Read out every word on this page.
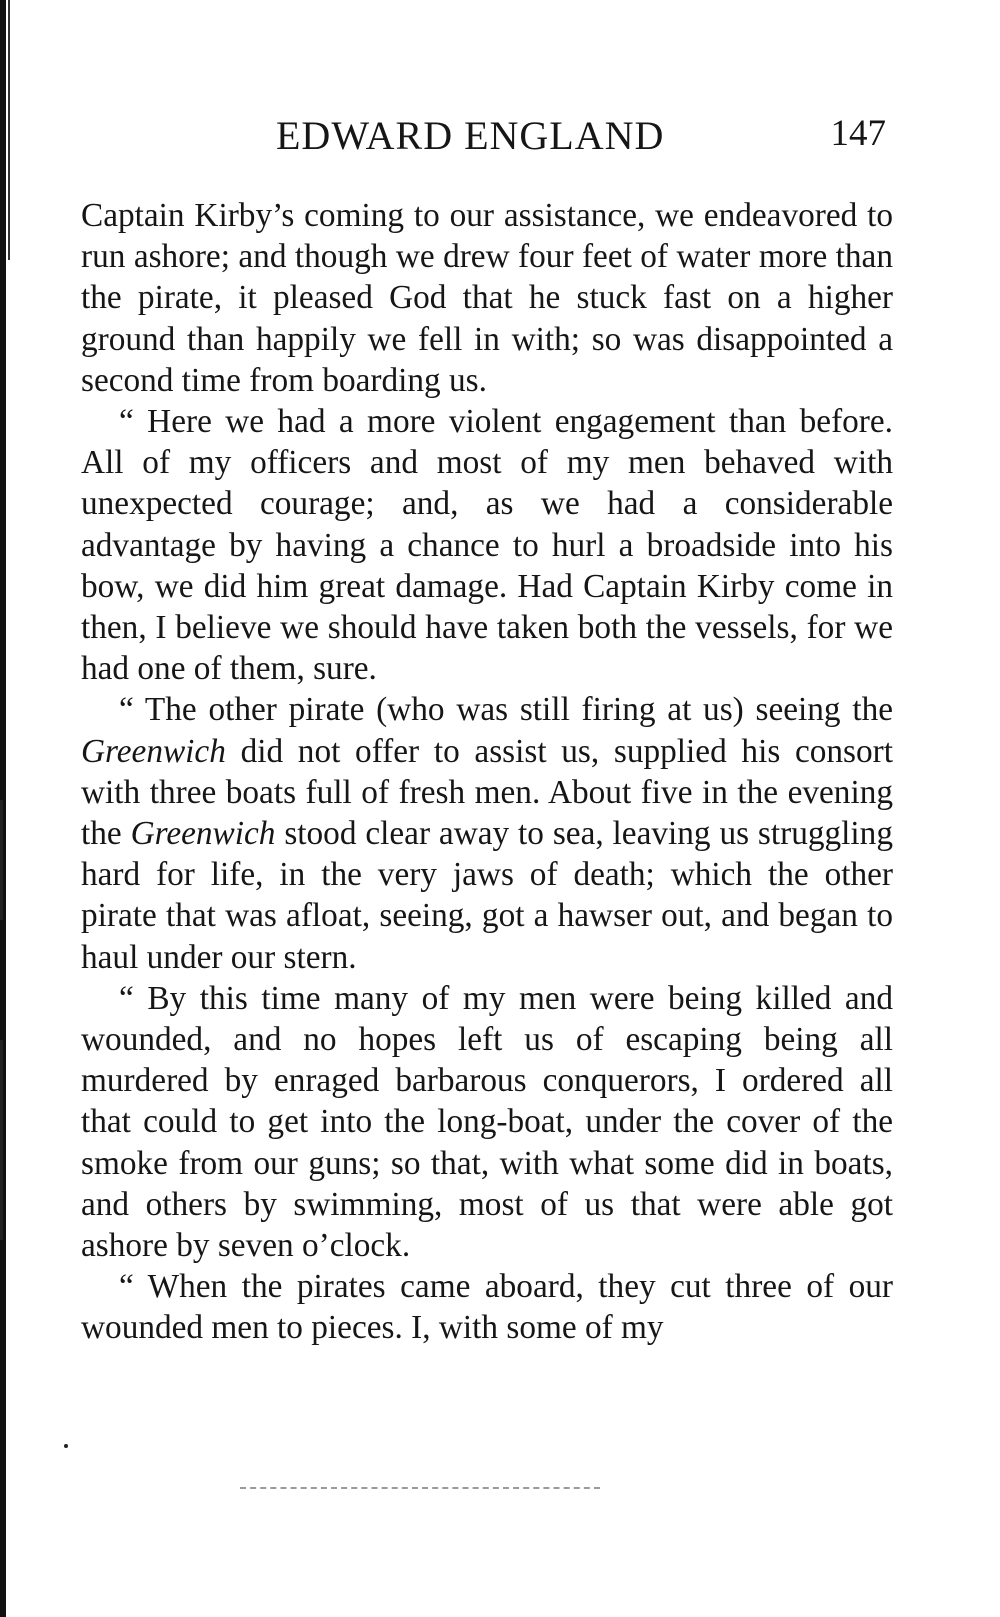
EDWARD ENGLAND	147

Captain Kirby’s coming to our assistance, we endeavored to run ashore; and though we drew four feet of water more than the pirate, it pleased God that he stuck fast on a higher ground than happily we fell in with; so was disappointed a second time from boarding us.

“ Here we had a more violent engagement than before. All of my officers and most of my men behaved with unexpected courage; and, as we had a considerable advantage by having a chance to hurl a broadside into his bow, we did him great damage. Had Captain Kirby come in then, I believe we should have taken both the vessels, for we had one of them, sure.

“ The other pirate (who was still firing at us) seeing the Greenwich did not offer to assist us, supplied his consort with three boats full of fresh men. About five in the evening the Greenwich stood clear away to sea, leaving us struggling hard for life, in the very jaws of death; which the other pirate that was afloat, seeing, got a hawser out, and began to haul under our stern.

“ By this time many of my men were being killed and wounded, and no hopes left us of escaping being all murdered by enraged barbarous conquerors, I ordered all that could to get into the long-boat, under the cover of the smoke from our guns; so that, with what some did in boats, and others by swimming, most of us that were able got ashore by seven o’clock.

“ When the pirates came aboard, they cut three of our wounded men to pieces. I, with some of my
